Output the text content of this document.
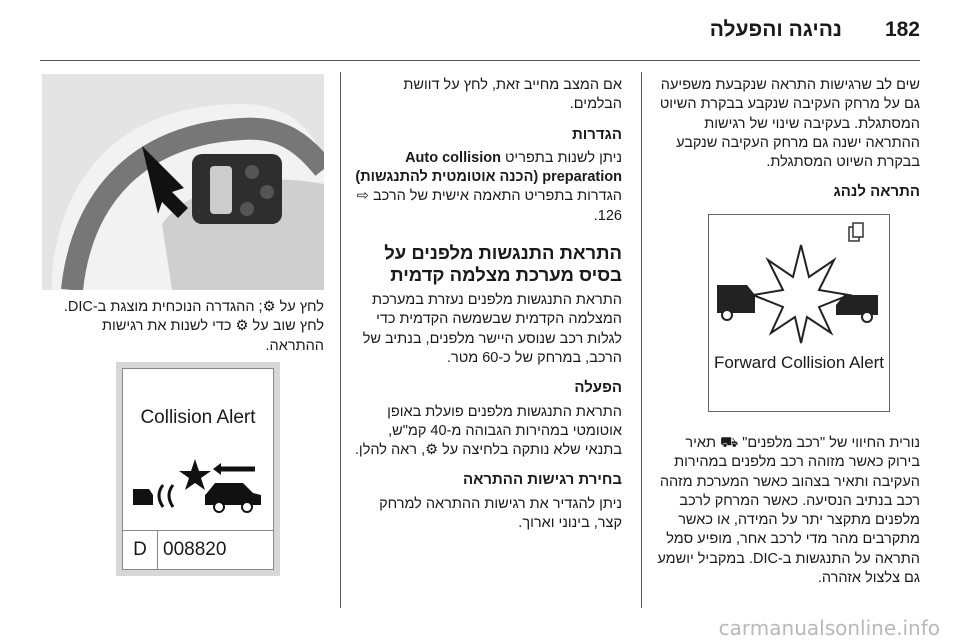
182
נהיגה והפעלה

שים לב שרגישות התראה שנקבעת משפיעה גם על מרחק העקיבה שנקבע בבקרת השיוט המסתגלת. בעקיבה שינוי של רגישות ההתראה ישנה גם מרחק העקיבה שנקבע בבקרת השיוט המסתגלת.

התראה לנהג
Forward Collision Alert

נורית החיווי של "רכב מלפנים" ⛟ תאיר בירוק כאשר מזוהה רכב מלפנים במהירות העקיבה ותאיר בצהוב כאשר המערכת מזהה רכב בנתיב הנסיעה. כאשר המרחק לרכב מלפנים מתקצר יתר על המידה, או כאשר מתקרבים מהר מדי לרכב אחר, מופיע סמל התראה על התנגשות ב-DIC. במקביל יושמע גם צלצול אזהרה.

אם המצב מחייב זאת, לחץ על דוושת הבלמים.

הגדרות

ניתן לשנות בתפריט Auto collision preparation (הכנה אוטומטית להתנגשות) הגדרות בתפריט התאמה אישית של הרכב ⇨ 126.

התראת התנגשות מלפנים על בסיס מערכת מצלמה קדמית

התראת התנגשות מלפנים נעזרת במערכת המצלמה הקדמית שבשמשה הקדמית כדי לגלות רכב שנוסע היישר מלפנים, בנתיב של הרכב, במרחק של כ-60 מטר.

הפעלה

התראת התנגשות מלפנים פועלת באופן אוטומטי במהירות הגבוהה מ-40 קמ"ש, בתנאי שלא נותקה בלחיצה על ⚙, ראה להלן.

בחירת רגישות ההתראה

ניתן להגדיר את רגישות ההתראה למרחק קצר, בינוני וארוך.

לחץ על ⚙; ההגדרה הנוכחית מוצגת ב-DIC. לחץ שוב על ⚙ כדי לשנות את רגישות ההתראה.

Collision Alert
D 008820
carmanualsonline.info
